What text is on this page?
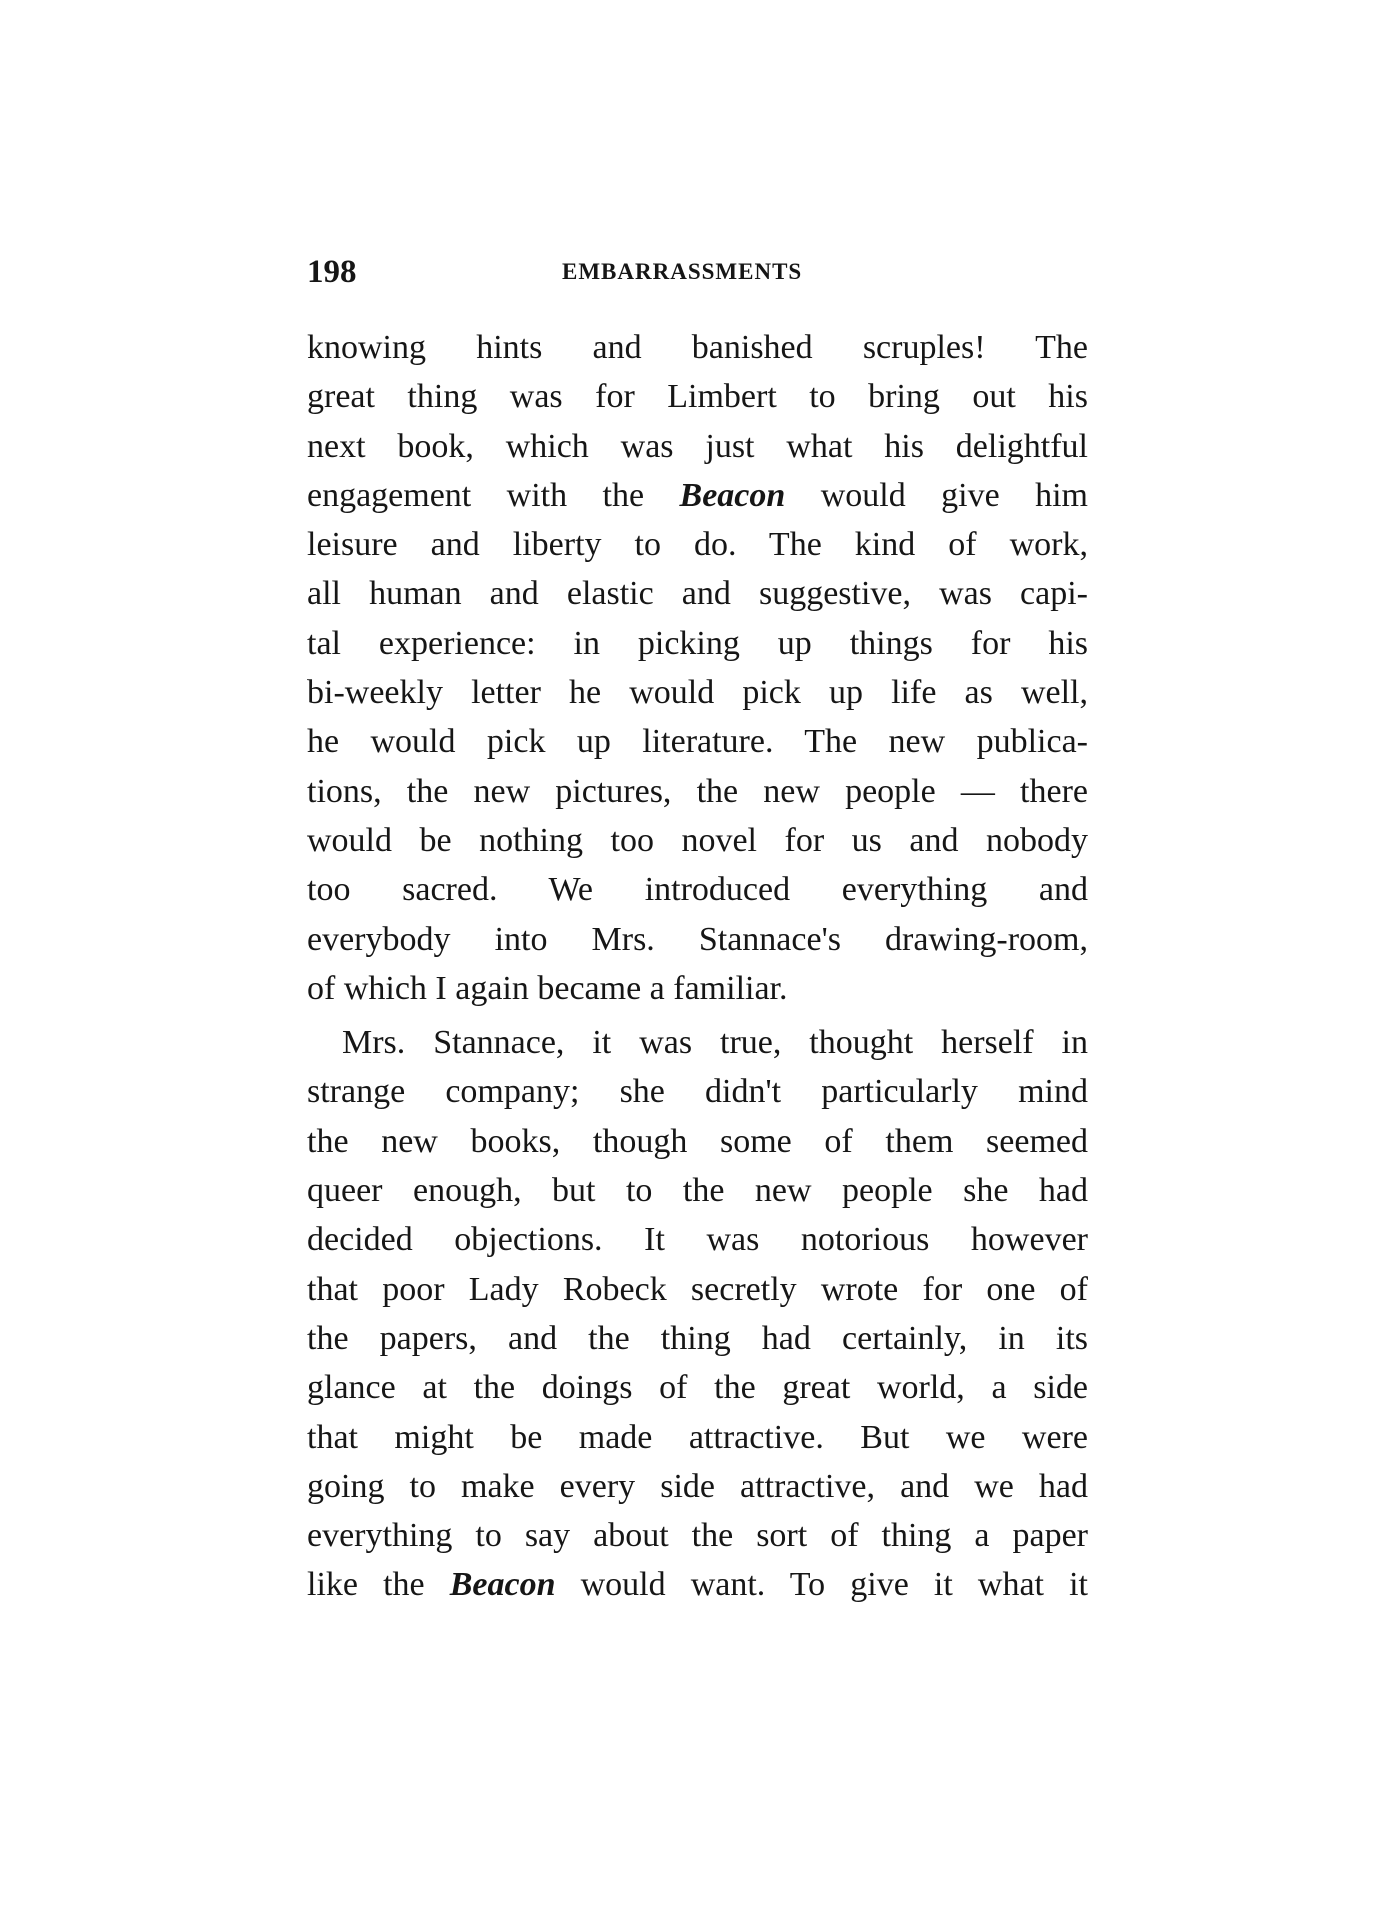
198	EMBARRASSMENTS
knowing hints and banished scruples! The
great thing was for Limbert to bring out his
next book, which was just what his delightful
engagement with the Beacon would give him
leisure and liberty to do. The kind of work,
all human and elastic and suggestive, was capi-
tal experience: in picking up things for his
bi-weekly letter he would pick up life as well,
he would pick up literature. The new publica-
tions, the new pictures, the new people — there
would be nothing too novel for us and nobody
too sacred. We introduced everything and
everybody into Mrs. Stannace's drawing-room,
of which I again became a familiar.
Mrs. Stannace, it was true, thought herself in
strange company; she didn't particularly mind
the new books, though some of them seemed
queer enough, but to the new people she had
decided objections. It was notorious however
that poor Lady Robeck secretly wrote for one of
the papers, and the thing had certainly, in its
glance at the doings of the great world, a side
that might be made attractive. But we were
going to make every side attractive, and we had
everything to say about the sort of thing a paper
like the Beacon would want. To give it what it
